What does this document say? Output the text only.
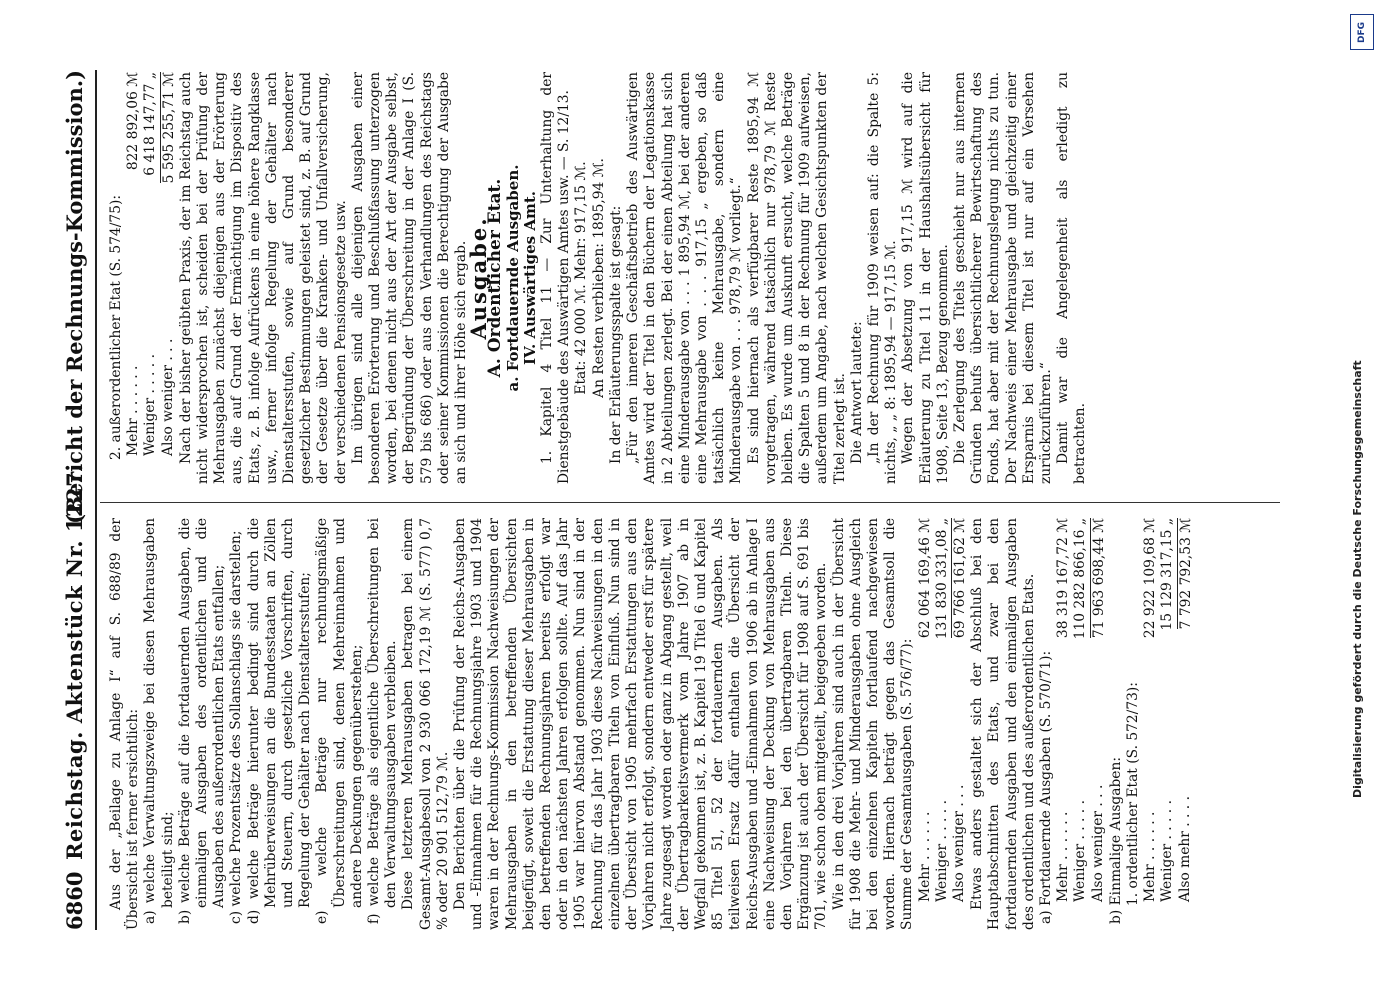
6860
Reichstag. Aktenstück Nr. 1227.
(Bericht der Rechnungs-Kommission.)

Aus der „Beilage zu Anlage I“ auf S. 688/89 der Übersicht ist ferner ersichtlich: a) welche Verwaltungszweige bei diesen Mehrausgaben beteiligt sind; b) welche Beträge auf die fortdauernden Ausgaben, die einmaligen Ausgaben des ordentlichen und die Ausgaben des außerordentlichen Etats entfallen; c) welche Prozentsätze des Sollanschlags sie darstellen; d) welche Beträge hierunter bedingt sind durch die Mehrüberweisungen an die Bundesstaaten an Zöllen und Steuern, durch gesetzliche Vorschriften, durch Regelung der Gehälter nach Dienstaltersstufen; e) welche Beträge nur rechnungsmäßige Überschreitungen sind, denen Mehreinnahmen und andere Deckungen gegenüberstehen; f) welche Beträge als eigentliche Überschreitungen bei den Verwaltungsausgaben verbleiben. Diese letzteren Mehrausgaben betragen bei einem Gesamt-Ausgabesoll von 2 930 066 172,19 ℳ (S. 577) 0,7 % oder 20 901 512,79 ℳ. Den Berichten über die Prüfung der Reichs-Ausgaben und -Einnahmen für die Rechnungsjahre 1903 und 1904 waren in der Rechnungs-Kommission Nachweisungen der Mehrausgaben in den betreffenden Übersichten beigefügt, soweit die Erstattung dieser Mehrausgaben in den betreffenden Rechnungsjahren bereits erfolgt war oder in den nächsten Jahren erfolgen sollte. Auf das Jahr 1905 war hiervon Abstand genommen. Nun sind in der Rechnung für das Jahr 1903 diese Nachweisungen in den einzelnen übertragbaren Titeln von Einfluß. Nun sind in der Übersicht von 1905 mehrfach Erstattungen aus den Vorjahren nicht erfolgt, sondern entweder erst für spätere Jahre zugesagt worden oder ganz in Abgang gestellt, weil der Übertragbarkeitsvermerk vom Jahre 1907 ab in Wegfall gekommen ist, z. B. Kapitel 19 Titel 6 und Kapitel 85 Titel 51, 52 der fortdauernden Ausgaben. Als teilweisen Ersatz dafür enthalten die Übersicht der Reichs-Ausgaben und -Einnahmen von 1906 ab in Anlage I eine Nachweisung der Deckung von Mehrausgaben aus den Vorjahren bei den übertragbaren Titeln. Diese Ergänzung ist auch der Übersicht für 1908 auf S. 691 bis 701, wie schon oben mitgeteilt, beigegeben worden. Wie in den drei Vorjahren sind auch in der Übersicht für 1908 die Mehr- und Minderausgaben ohne Ausgleich bei den einzelnen Kapiteln fortlaufend nachgewiesen worden. Hiernach beträgt gegen das Gesamtsoll die Summe der Gesamtausgaben (S. 576/77): Mehr . . . . . .
62 064 169,46 ℳ
Weniger . . . . .
131 830 331,08 „
Also weniger . . .
69 766 161,62 ℳ Etwas anders gestaltet sich der Abschluß bei den Hauptabschnitten des Etats, und zwar bei den fortdauernden Ausgaben und den einmaligen Ausgaben des ordentlichen und des außerordentlichen Etats. a) Fortdauernde Ausgaben (S. 570/71): Mehr . . . . . .
38 319 167,72 ℳ
Weniger . . . . .
110 282 866,16 „
Also weniger . . .
71 963 698,44 ℳ

b) Einmalige Ausgaben: 1. ordentlicher Etat (S. 572/73): Mehr . . . . . .
22 922 109,68 ℳ
Weniger . . . . .
15 129 317,15 „
Also mehr . . . .
7 792 792,53 ℳ

2. außerordentlicher Etat (S. 574/75): Mehr . . . . . .
822 892,06 ℳ
Weniger . . . . .
6 418 147,77 „
Also weniger . . .
5 595 255,71 ℳ Nach der bisher geübten Praxis, der im Reichstag auch nicht widersprochen ist, scheiden bei der Prüfung der Mehrausgaben zunächst diejenigen aus der Erörterung aus, die auf Grund der Ermächtigung im Dispositiv des Etats, z. B. infolge Aufrückens in eine höhere Rangklasse usw., ferner infolge Regelung der Gehälter nach Dienstaltersstufen, sowie auf Grund besonderer gesetzlicher Bestimmungen geleistet sind, z. B. auf Grund der Gesetze über die Kranken- und Unfallversicherung, der verschiedenen Pensionsgesetze usw. Im übrigen sind alle diejenigen Ausgaben einer besonderen Erörterung und Beschlußfassung unterzogen worden, bei denen nicht aus der Art der Ausgabe selbst, der Begründung der Überschreitung in der Anlage I (S. 579 bis 686) oder aus den Verhandlungen des Reichstags oder seiner Kommissionen die Berechtigung der Ausgabe an sich und ihrer Höhe sich ergab.

Ausgabe.

A. Ordentlicher Etat.

a. Fortdauernde Ausgaben. IV. Auswärtiges Amt. 1. Kapitel 4 Titel 11 — Zur Unterhaltung der Dienstgebäude des Auswärtigen Amtes usw. — S. 12/13. Etat: 42 000 ℳ. Mehr: 917,15 ℳ. An Resten verblieben: 1895,94 ℳ. In der Erläuterungsspalte ist gesagt: „Für den inneren Geschäftsbetrieb des Auswärtigen Amtes wird der Titel in den Büchern der Legationskasse in 2 Abteilungen zerlegt. Bei der einen Abteilung hat sich eine Minderausgabe von . . . 1 895,94 ℳ, bei der anderen eine Mehrausgabe von . . . 917,15 „ ergeben, so daß tatsächlich keine Mehrausgabe, sondern eine Minderausgabe von . . . 978,79 ℳ vorliegt.“ Es sind hiernach als verfügbarer Reste 1895,94 ℳ vorgetragen, während tatsächlich nur 978,79 ℳ Reste bleiben. Es wurde um Auskunft ersucht, welche Beträge die Spalten 5 und 8 in der Rechnung für 1909 aufweisen, außerdem um Angabe, nach welchen Gesichtspunkten der Titel zerlegt ist. Die Antwort lautete: „In der Rechnung für 1909 weisen auf: die Spalte 5: nichts, „ „ 8: 1895,94 — 917,15 ℳ. Wegen der Absetzung von 917,15 ℳ wird auf die Erläuterung zu Titel 11 in der Haushaltsübersicht für 1908, Seite 13, Bezug genommen. Die Zerlegung des Titels geschieht nur aus internen Gründen behufs übersichtlicherer Bewirtschaftung des Fonds, hat aber mit der Rechnungslegung nichts zu tun. Der Nachweis einer Mehrausgabe und gleichzeitig einer Ersparnis bei diesem Titel ist nur auf ein Versehen zurückzuführen.“ Damit war die Angelegenheit als erledigt zu betrachten.

DFG
Digitalisierung gefördert durch die Deutsche Forschungsgemeinschaft
